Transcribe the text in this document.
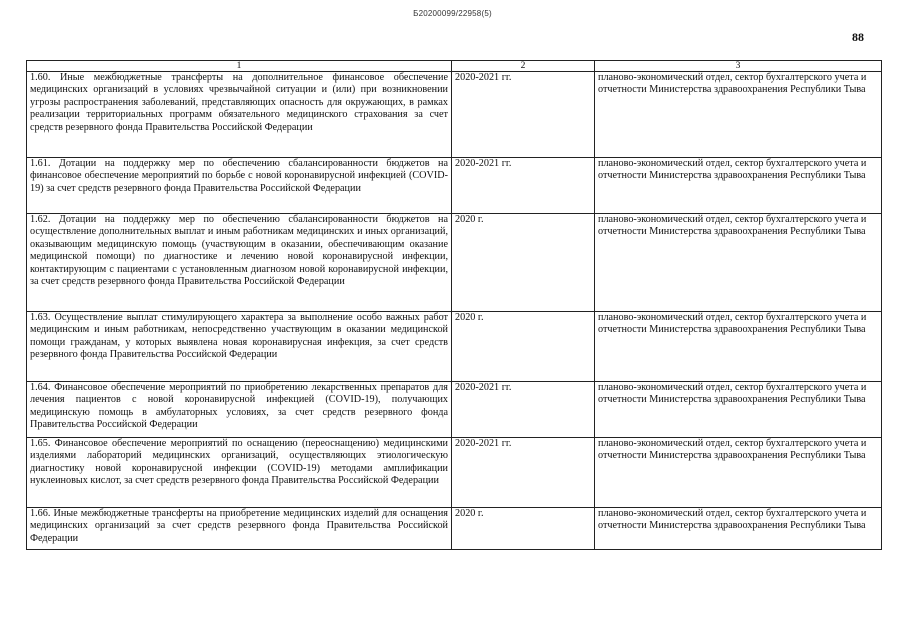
Б20200099/22958(5)
88
1	2	3
1.60. Иные межбюджетные трансферты на дополнительное финансовое обеспечение медицинских организаций в условиях чрезвычайной ситуации и (или) при возникновении угрозы распространения заболеваний, представляющих опасность для окружающих, в рамках реализации территориальных программ обязательного медицинского страхования за счет средств резервного фонда Правительства Российской Федерации	2020-2021 гг.	планово-экономический отдел, сектор бухгалтерского учета и отчетности Министерства здравоохранения Республики Тыва
1.61. Дотации на поддержку мер по обеспечению сбалансированности бюджетов на финансовое обеспечение мероприятий по борьбе с новой коронавирусной инфекцией (COVID-19) за счет средств резервного фонда Правительства Российской Федерации	2020-2021 гг.	планово-экономический отдел, сектор бухгалтерского учета и отчетности Министерства здравоохранения Республики Тыва
1.62. Дотации на поддержку мер по обеспечению сбалансированности бюджетов на осуществление дополнительных выплат и иным работникам медицинских и иных организаций, оказывающим медицинскую помощь (участвующим в оказании, обеспечивающим оказание медицинской помощи) по диагностике и лечению новой коронавирусной инфекции, контактирующим с пациентами с установленным диагнозом новой коронавирусной инфекции, за счет средств резервного фонда Правительства Российской Федерации	2020 г.	планово-экономический отдел, сектор бухгалтерского учета и отчетности Министерства здравоохранения Республики Тыва
1.63. Осуществление выплат стимулирующего характера за выполнение особо важных работ медицинским и иным работникам, непосредственно участвующим в оказании медицинской помощи гражданам, у которых выявлена новая коронавирусная инфекция, за счет средств резервного фонда Правительства Российской Федерации	2020 г.	планово-экономический отдел, сектор бухгалтерского учета и отчетности Министерства здравоохранения Республики Тыва
1.64. Финансовое обеспечение мероприятий по приобретению лекарственных препаратов для лечения пациентов с новой коронавирусной инфекцией (COVID-19), получающих медицинскую помощь в амбулаторных условиях, за счет средств резервного фонда Правительства Российской Федерации	2020-2021 гг.	планово-экономический отдел, сектор бухгалтерского учета и отчетности Министерства здравоохранения Республики Тыва
1.65. Финансовое обеспечение мероприятий по оснащению (переоснащению) медицинскими изделиями лабораторий медицинских организаций, осуществляющих этиологическую диагностику новой коронавирусной инфекции (COVID-19) методами амплификации нуклеиновых кислот, за счет средств резервного фонда Правительства Российской Федерации	2020-2021 гг.	планово-экономический отдел, сектор бухгалтерского учета и отчетности Министерства здравоохранения Республики Тыва
1.66. Иные межбюджетные трансферты на приобретение медицинских изделий для оснащения медицинских организаций за счет средств резервного фонда Правительства Российской Федерации	2020 г.	планово-экономический отдел, сектор бухгалтерского учета и отчетности Министерства здравоохранения Республики Тыва
